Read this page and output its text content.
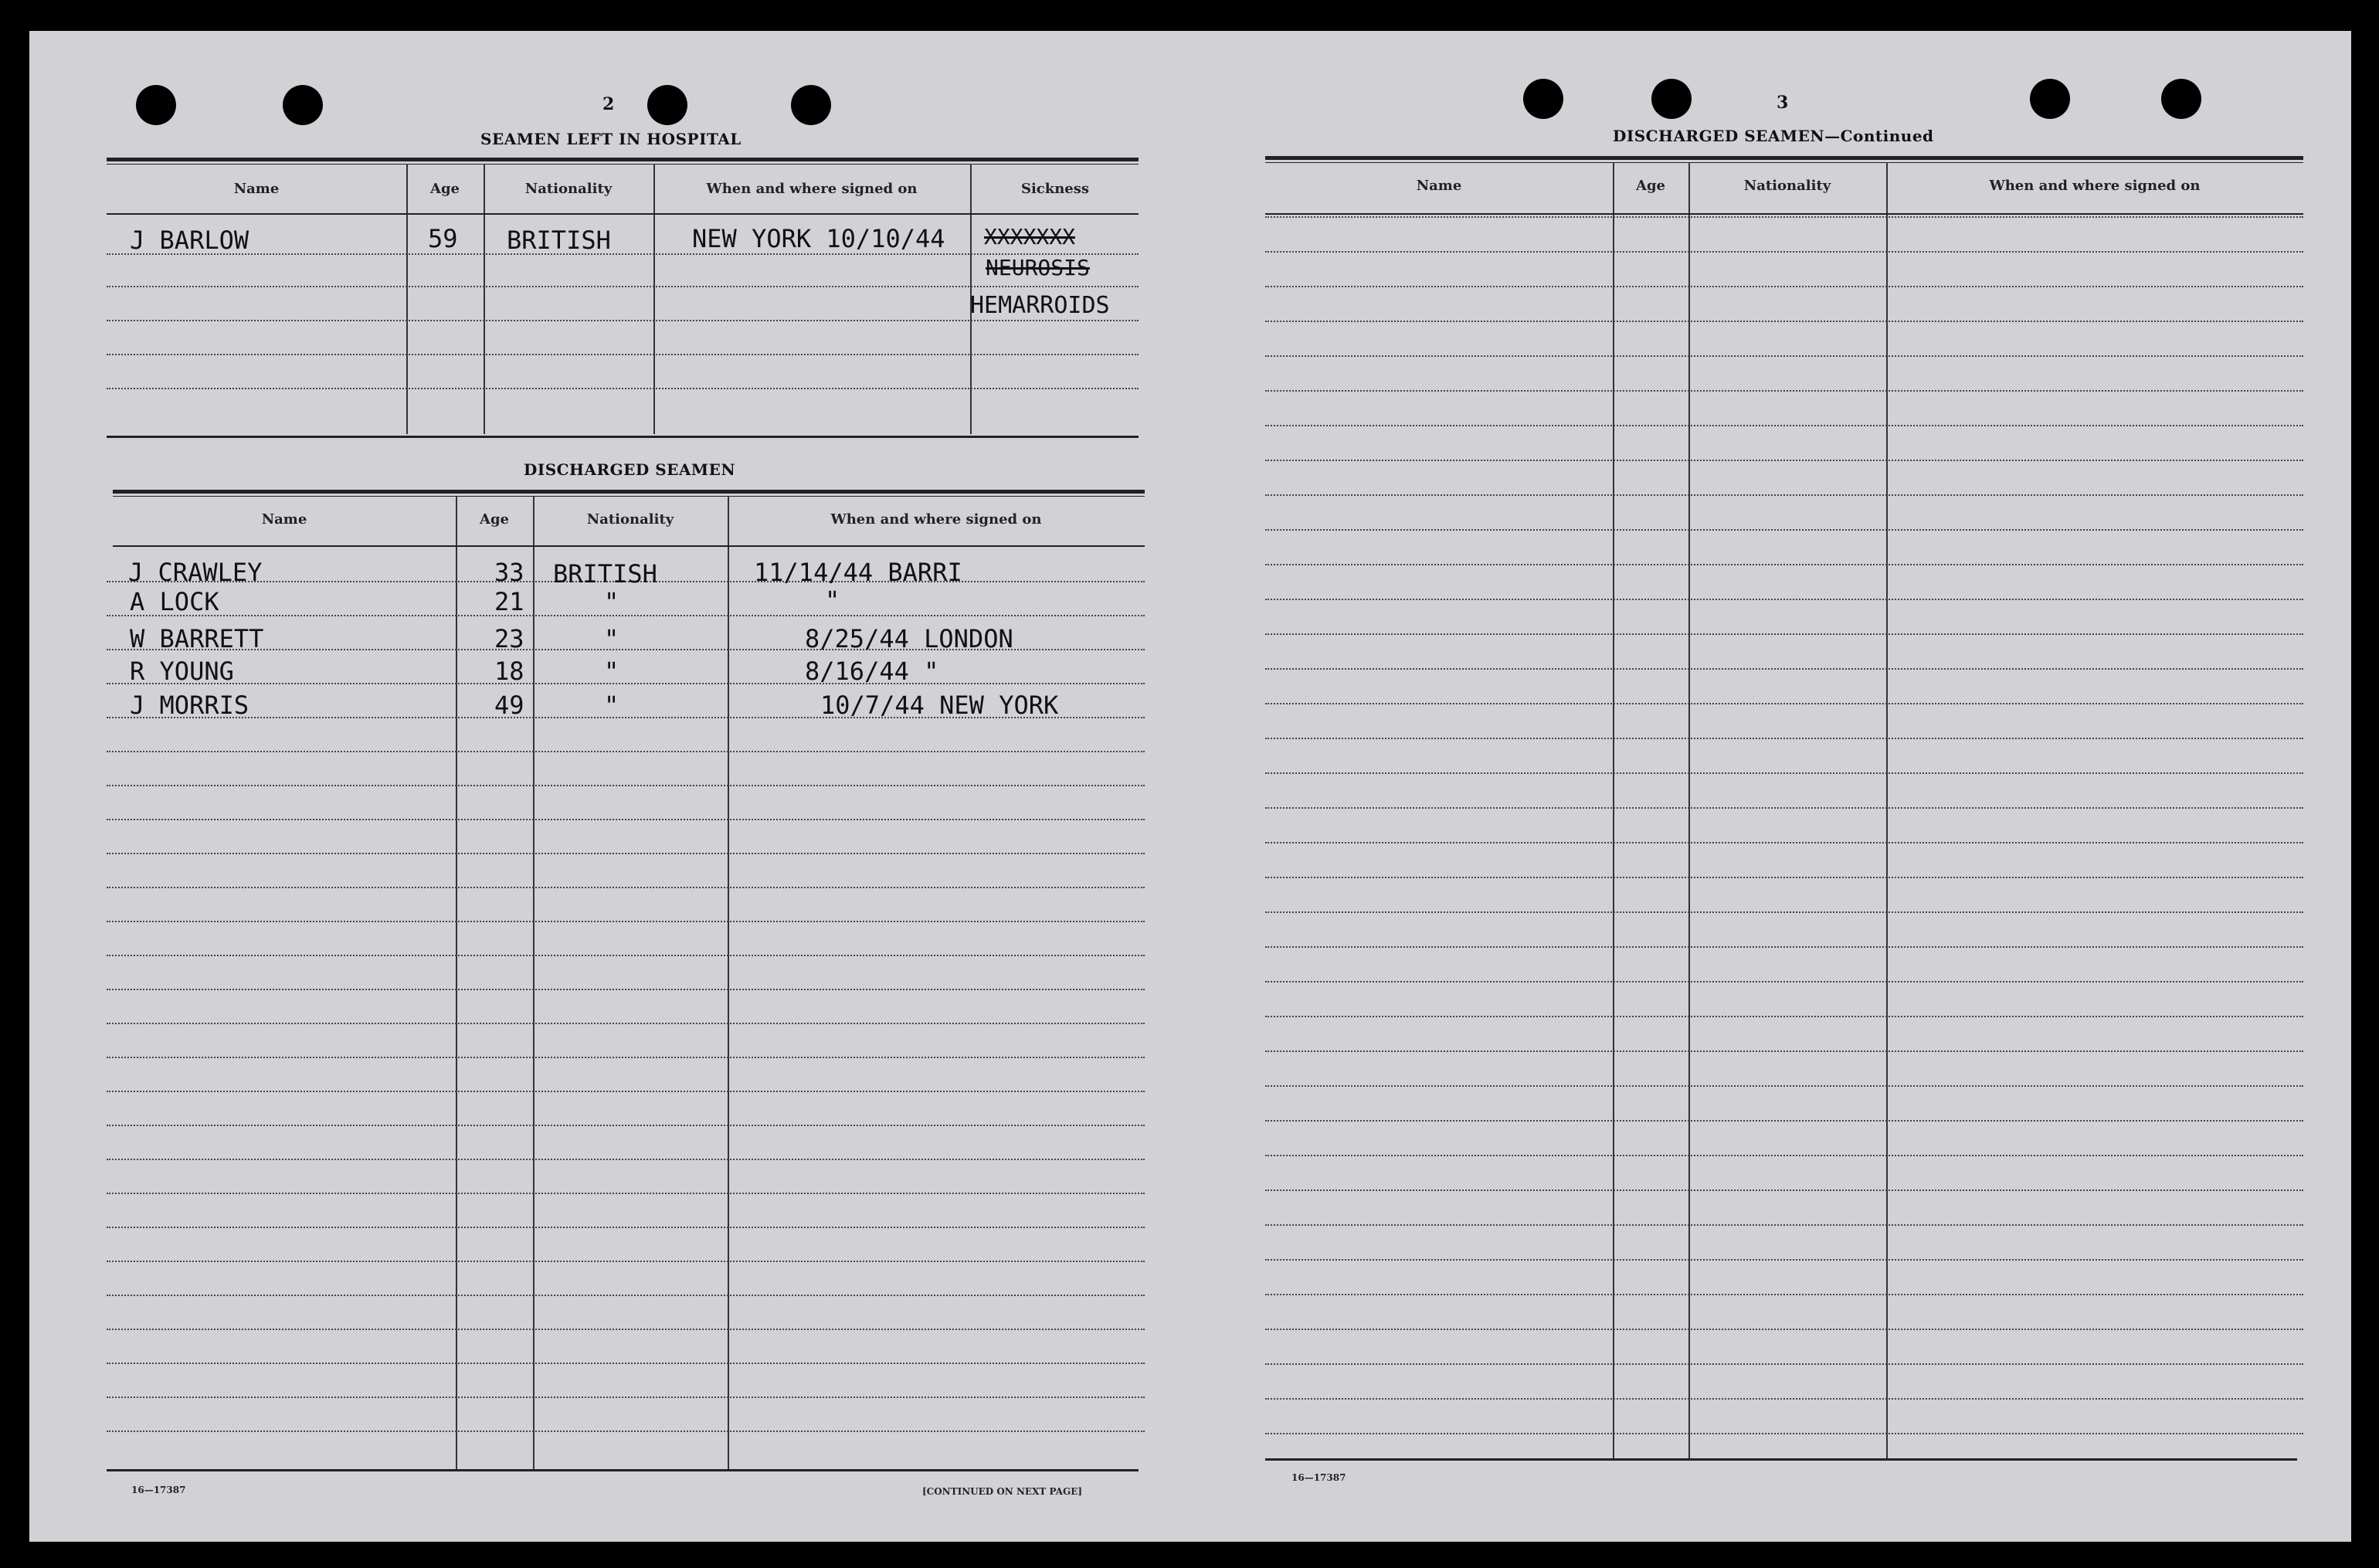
2
SEAMEN LEFT IN HOSPITAL
Name	Age	Nationality	When and where signed on	Sickness
J BARLOW	59 BRITISH	NEW YORK 10/10/44 XXXXXXX
NEUROSIS
HEMARROIDS
DISCHARGED SEAMEN
Name	Age	Nationality	When and where signed on
J CRAWLEY	33 BRITISH	11/14/44 BARRI
A LOCK	21	"	"
W BARRETT	23	"	8/25/44 LONDON
R YOUNG	18	"	8/16/44 "
J MORRIS	49	"	10/7/44 NEW YORK
16—17387	[CONTINUED ON NEXT PAGE]
3
DISCHARGED SEAMEN—Continued
Name	Age	Nationality	When and where signed on
16—17387
